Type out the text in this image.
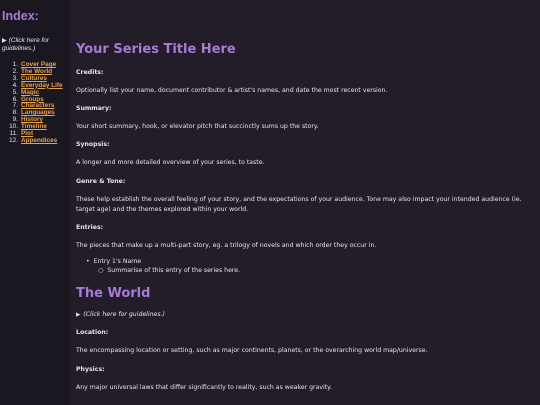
Index:
▶ (Click here for guidelines.)
1. Cover Page
2. The World
3. Cultures
4. Everyday Life
5. Magic
6. Groups
7. Characters
8. Languages
9. History
10. Timeline
11. Plot
12. Appendices
Your Series Title Here
Credits:
Optionally list your name, document contributor & artist's names, and date the most recent version.
Summary:
Your short summary, hook, or elevator pitch that succinctly sums up the story.
Synopsis:
A longer and more detailed overview of your series, to taste.
Genre & Tone:
These help establish the overall feeling of your story, and the expectations of your audience. Tone may also impact your intended audience (ie. target age) and the themes explored within your world.
Entries:
The pieces that make up a multi-part story, eg. a trilogy of novels and which order they occur in.
• Entry 1's Name
○ Summarise of this entry of the series here.
The World
▶ (Click here for guidelines.)
Location:
The encompassing location or setting, such as major continents, planets, or the overarching world map/universe.
Physics:
Any major universal laws that differ significantly to reality, such as weaker gravity.
